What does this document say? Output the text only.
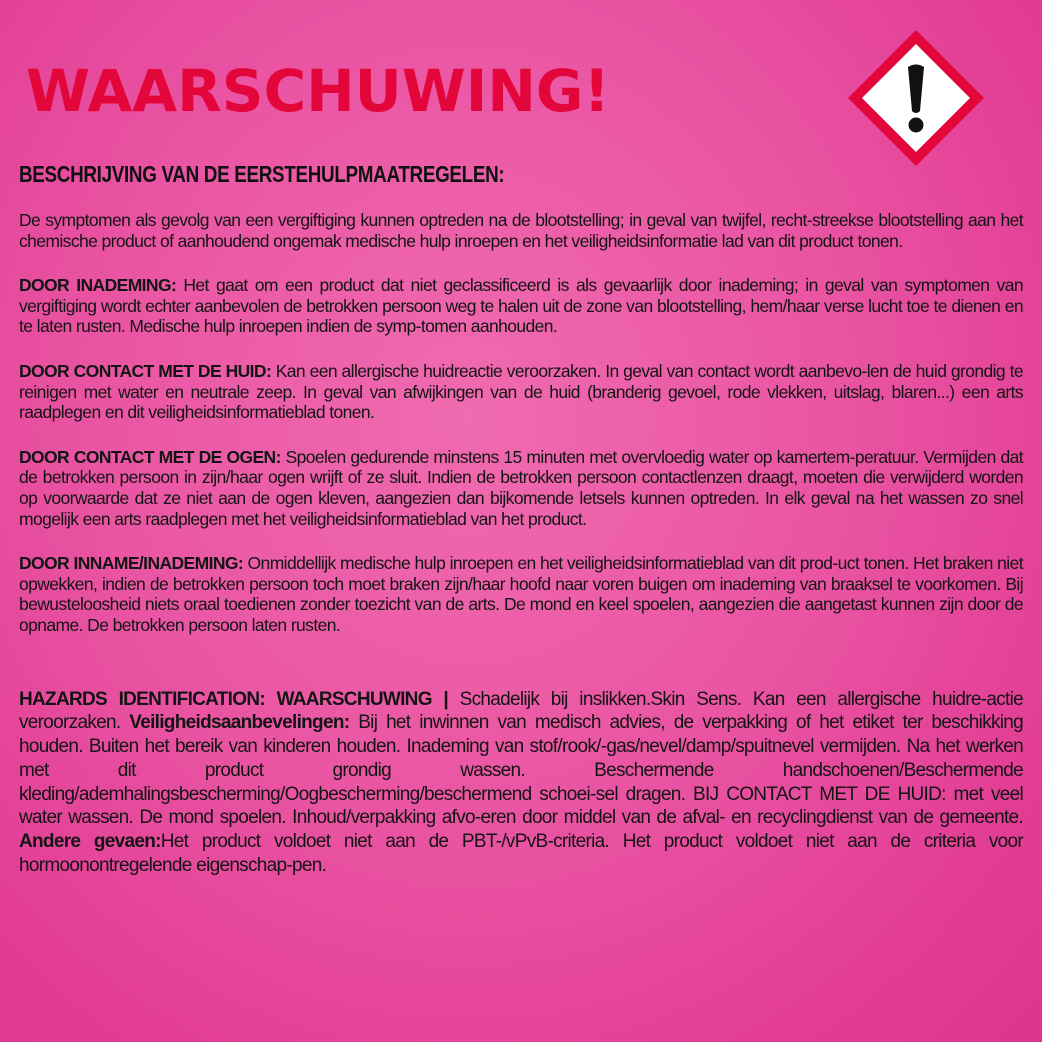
WAARSCHUWING!
BESCHRIJVING VAN DE EERSTEHULPMAATREGELEN:

De symptomen als gevolg van een vergiftiging kunnen optreden na de blootstelling; in geval van twijfel, recht-streekse blootstelling aan het chemische product of aanhoudend ongemak medische hulp inroepen en het veiligheidsinformatie lad van dit product tonen.

DOOR INADEMING: Het gaat om een product dat niet geclassificeerd is als gevaarlijk door inademing; in geval van symptomen van vergiftiging wordt echter aanbevolen de betrokken persoon weg te halen uit de zone van blootstelling, hem/haar verse lucht toe te dienen en te laten rusten. Medische hulp inroepen indien de symp-tomen aanhouden.

DOOR CONTACT MET DE HUID: Kan een allergische huidreactie veroorzaken. In geval van contact wordt aanbevo-len de huid grondig te reinigen met water en neutrale zeep. In geval van afwijkingen van de huid (branderig gevoel, rode vlekken, uitslag, blaren...) een arts raadplegen en dit veiligheidsinformatieblad tonen.

DOOR CONTACT MET DE OGEN: Spoelen gedurende minstens 15 minuten met overvloedig water op kamertem-peratuur. Vermijden dat de betrokken persoon in zijn/haar ogen wrijft of ze sluit. Indien de betrokken persoon contactlenzen draagt, moeten die verwijderd worden op voorwaarde dat ze niet aan de ogen kleven, aangezien dan bijkomende letsels kunnen optreden. In elk geval na het wassen zo snel mogelijk een arts raadplegen met het veiligheidsinformatieblad van het product.

DOOR INNAME/INADEMING: Onmiddellijk medische hulp inroepen en het veiligheidsinformatieblad van dit prod-uct tonen. Het braken niet opwekken, indien de betrokken persoon toch moet braken zijn/haar hoofd naar voren buigen om inademing van braaksel te voorkomen. Bij bewusteloosheid niets oraal toedienen zonder toezicht van de arts. De mond en keel spoelen, aangezien die aangetast kunnen zijn door de opname. De betrokken persoon laten rusten.

HAZARDS IDENTIFICATION: WAARSCHUWING | Schadelijk bij inslikken.Skin Sens. Kan een allergische huidre-actie veroorzaken. Veiligheidsaanbevelingen: Bij het inwinnen van medisch advies, de verpakking of het etiket ter beschikking houden. Buiten het bereik van kinderen houden. Inademing van stof/rook/-gas/nevel/damp/spuitnevel vermijden. Na het werken met dit product grondig wassen. Beschermende handschoenen/Beschermende kleding/ademhalingsbescherming/Oogbescherming/beschermend schoei-sel dragen. BIJ CONTACT MET DE HUID: met veel water wassen. De mond spoelen. Inhoud/verpakking afvo-eren door middel van de afval- en recyclingdienst van de gemeente. Andere gevaen:Het product voldoet niet aan de PBT-/vPvB-criteria. Het product voldoet niet aan de criteria voor hormoonontregelende eigenschap-pen.
